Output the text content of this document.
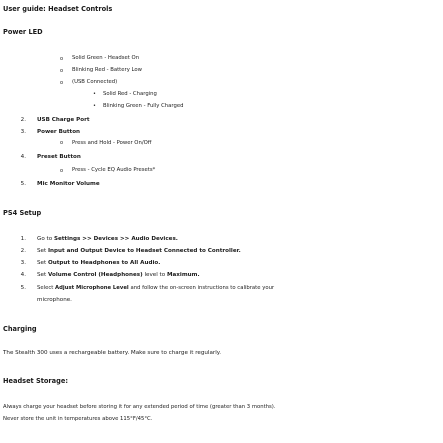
User guide: Headset Controls
Power LED
o Solid Green - Headset On
o Blinking Red - Battery Low
o (USB Connected)
• Solid Red - Charging
• Blinking Green - Fully Charged
2. USB Charge Port
3. Power Button
o Press and Hold - Power On/Off
4. Preset Button
o Press - Cycle EQ Audio Presets*
5. Mic Monitor Volume
PS4 Setup
1. Go to Settings >> Devices >> Audio Devices.
2. Set Input and Output Device to Headset Connected to Controller.
3. Set Output to Headphones to All Audio.
4. Set Volume Control (Headphones) level to Maximum.
5. Select Adjust Microphone Level and follow the on-screen instructions to calibrate your
microphone.
Charging
The Stealth 300 uses a rechargeable battery. Make sure to charge it regularly.
Headset Storage:
Always charge your headset before storing it for any extended period of time (greater than 3 months).
Never store the unit in temperatures above 115°F/45°C.
